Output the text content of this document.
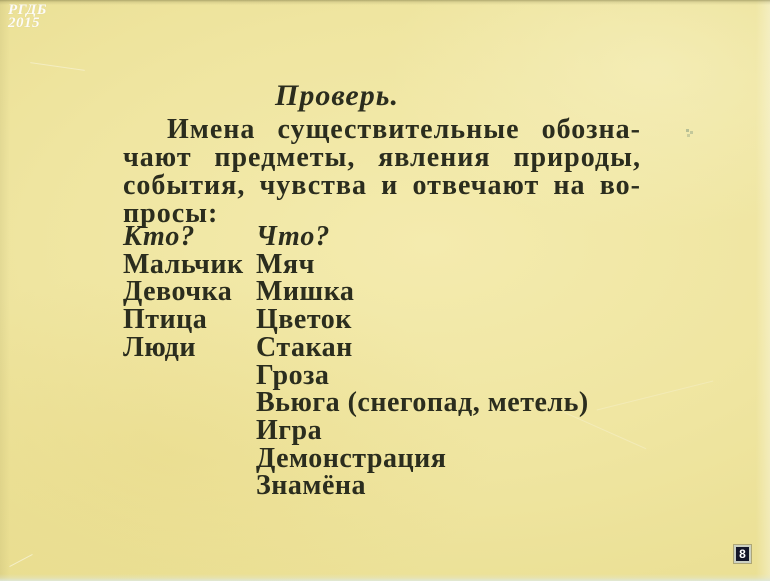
РГДБ
2015
Проверь.
Имена существительные обозна-
чают предметы, явления природы,
события, чувства и отвечают на во-
просы:
Кто?
Мальчик
Девочка
Птица
Люди
Что?
Мяч
Мишка
Цветок
Стакан
Гроза
Вьюга (снегопад, метель)
Игра
Демонстрация
Знамёна
8
